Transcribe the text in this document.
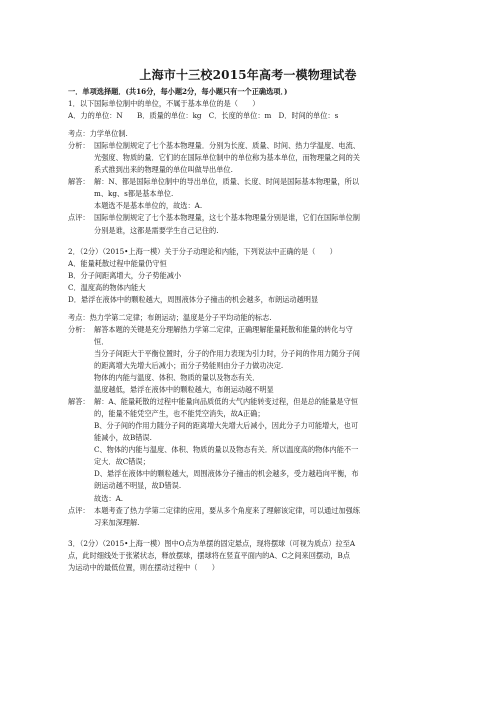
上海市十三校2015年高考一模物理试卷
一．单项选择题．(共16分，每小题2分，每小题只有一个正确选项．)
1．以下国际单位制中的单位，不属于基本单位的是（　　）
A．力的单位：N　　B．质量的单位：kg　C．长度的单位：m　D．时间的单位：s
考点：力学单位制.
分析： 国际单位制规定了七个基本物理量．分别为长度、质量、时间、热力学温度、电流、
光强度、物质的量．它们的在国际单位制中的单位称为基本单位，而物理量之间的关
系式推到出来的物理量的单位叫做导出单位.
解答： 解：N、都是国际单位制中的导出单位，质量、长度、时间是国际基本物理量，所以
m、kg、s都是基本单位.
本题选不是基本单位的，故选：A.
点评： 国际单位制规定了七个基本物理量，这七个基本物理量分别是谁，它们在国际单位制
分别是谁，这都是需要学生自己记住的.
2．（2分）（2015•上海一模）关于分子动理论和内能，下列说法中正确的是（　　）
A．能量耗散过程中能量仍守恒
B．分子间距离增大，分子势能减小
C．温度高的物体内能大
D．悬浮在液体中的颗粒越大，周围液体分子撞击的机会越多，布朗运动越明显
考点：热力学第二定律；布朗运动；温度是分子平均动能的标志.
分析： 解答本题的关键是充分理解热力学第二定律，正确理解能量耗散和能量的转化与守
恒．
当分子间距大于平衡位置时，分子的作用力表现为引力时，分子间的作用力随分子间
的距离增大先增大后减小；而分子势能则由分子力做功决定.
物体的内能与温度、体积、物质的量以及物态有关．
温度越低，悬浮在液体中的颗粒越大，布朗运动越不明显
解答： 解：A、能量耗散的过程中能量向品质低的大气内能转变过程，但是总的能量是守恒
的，能量不能凭空产生，也不能凭空消失，故A正确；
B、分子间的作用力随分子间的距离增大先增大后减小，因此分子力可能增大，也可
能减小，故B错误.
C、物体的内能与温度、体积、物质的量以及物态有关．所以温度高的物体内能不一
定大．故C错误；
D、悬浮在液体中的颗粒越大，周围液体分子撞击的机会越多，受力越趋向平衡，布
朗运动越不明显，故D错误.
故选：A.
点评： 本题考查了热力学第二定律的应用，要从多个角度来了理解该定律，可以通过加强练
习来加深理解.
3．（2分）（2015•上海一模）图中O点为单摆的固定悬点，现将摆球（可视为质点）拉至A
点，此时细线处于张紧状态，释放摆球，摆球将在竖直平面内的A、C之间来回摆动，B点
为运动中的最低位置，则在摆动过程中（　　）
